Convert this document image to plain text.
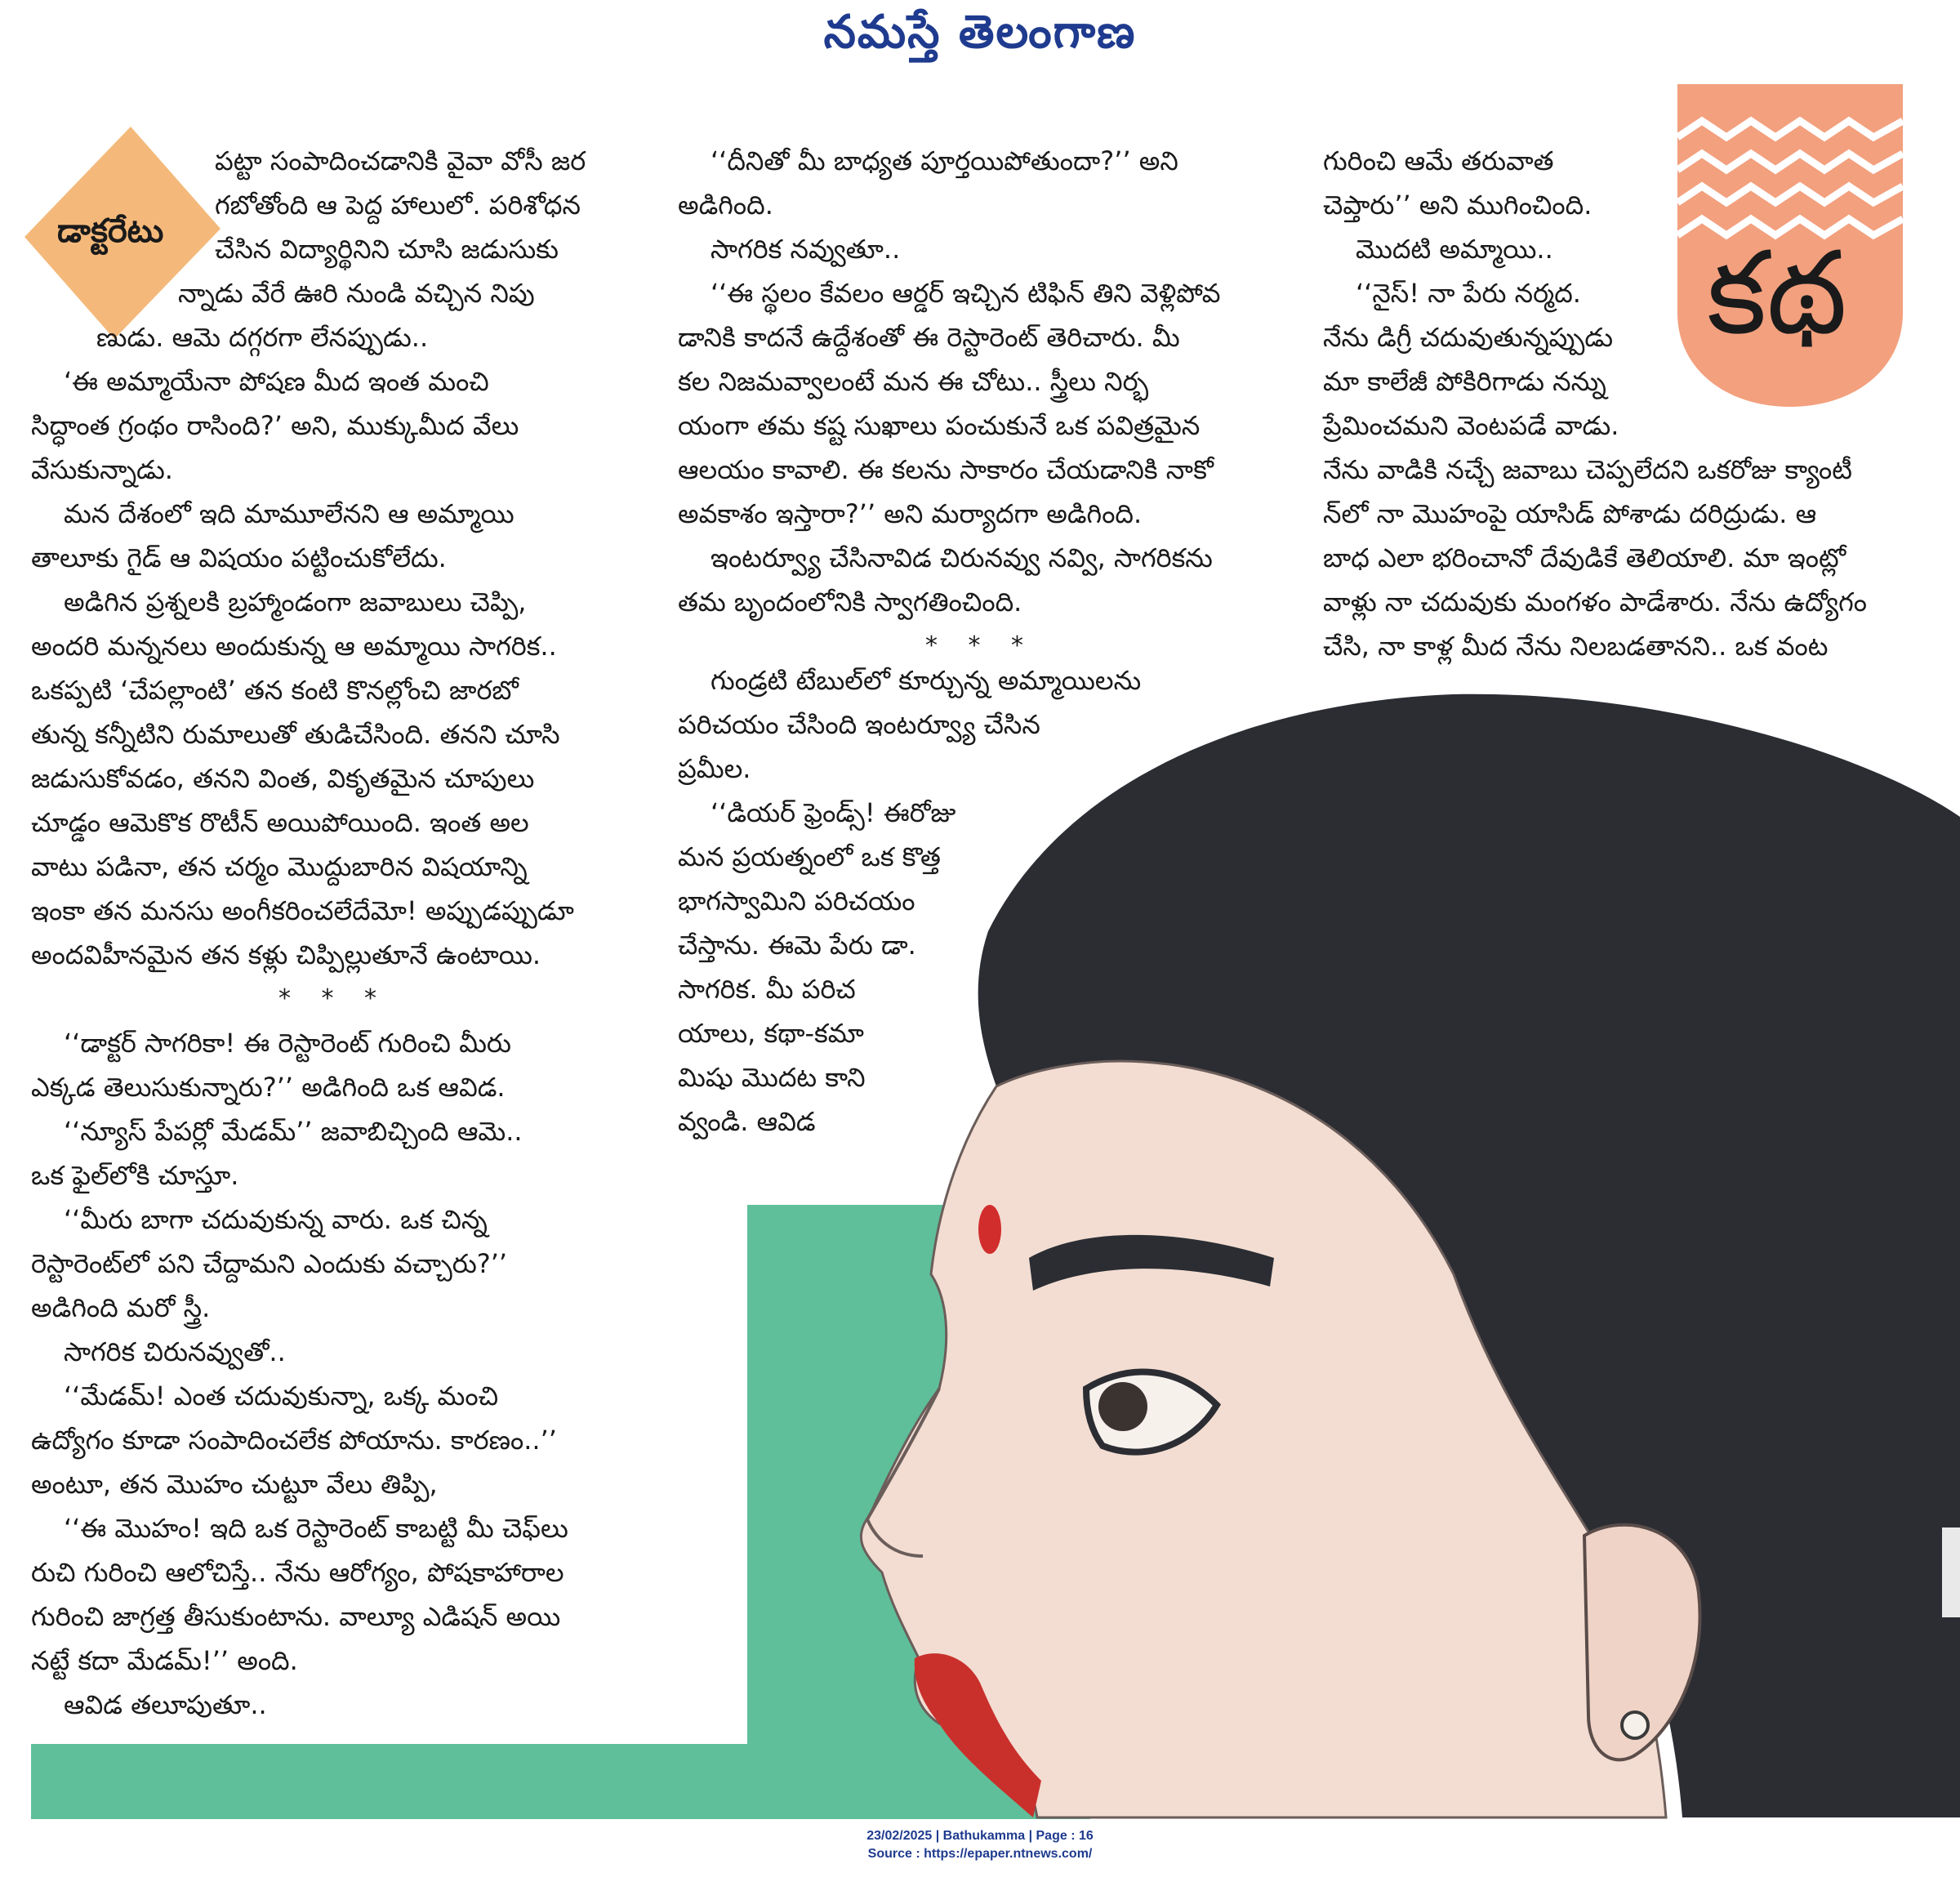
నమస్తే తెలంగాణ
డాక్టరేటు	కథ

పట్టా సంపాదించడానికి వైవా వోసీ జర

గబోతోంది ఆ పెద్ద హాలులో. పరిశోధన

చేసిన విద్యార్థినిని చూసి జడుసుకు

న్నాడు వేరే ఊరి నుండి వచ్చిన నిపు

ణుడు. ఆమె దగ్గరగా లేనప్పుడు..

‘ఈ అమ్మాయేనా పోషణ మీద ఇంత మంచి

సిద్ధాంత గ్రంథం రాసింది?’ అని, ముక్కుమీద వేలు

వేసుకున్నాడు.

మన దేశంలో ఇది మామూలేనని ఆ అమ్మాయి

తాలూకు గైడ్ ఆ విషయం పట్టించుకోలేదు.

అడిగిన ప్రశ్నలకి బ్రహ్మాండంగా జవాబులు చెప్పి,

అందరి మన్ననలు అందుకున్న ఆ అమ్మాయి సాగరిక..

ఒకప్పటి ‘చేపల్లాంటి’ తన కంటి కొనల్లోంచి జారబో

తున్న కన్నీటిని రుమాలుతో తుడిచేసింది. తనని చూసి

జడుసుకోవడం, తనని వింత, వికృతమైన చూపులు

చూడ్డం ఆమెకొక రొటీన్ అయిపోయింది. ఇంత అల

వాటు పడినా, తన చర్మం మొద్దుబారిన విషయాన్ని

ఇంకా తన మనసు అంగీకరించలేదేమో! అప్పుడప్పుడూ

అందవిహీనమైన తన కళ్లు చిప్పిల్లుతూనే ఉంటాయి.

* * *

‘‘డాక్టర్ సాగరికా! ఈ రెస్టారెంట్ గురించి మీరు

ఎక్కడ తెలుసుకున్నారు?’’ అడిగింది ఒక ఆవిడ.

‘‘న్యూస్ పేపర్లో మేడమ్’’ జవాబిచ్చింది ఆమె..

ఒక ఫైల్‌లోకి చూస్తూ.

‘‘మీరు బాగా చదువుకున్న వారు. ఒక చిన్న

రెస్టారెంట్‌లో పని చేద్దామని ఎందుకు వచ్చారు?’’

అడిగింది మరో స్త్రీ.

సాగరిక చిరునవ్వుతో..

‘‘మేడమ్! ఎంత చదువుకున్నా, ఒక్క మంచి

ఉద్యోగం కూడా సంపాదించలేక పోయాను. కారణం..’’

అంటూ, తన మొహం చుట్టూ వేలు తిప్పి,

‘‘ఈ మొహం! ఇది ఒక రెస్టారెంట్ కాబట్టి మీ చెఫ్‌లు

రుచి గురించి ఆలోచిస్తే.. నేను ఆరోగ్యం, పోషకాహారాల

గురించి జాగ్రత్త తీసుకుంటాను. వాల్యూ ఎడిషన్ అయి

నట్టే కదా మేడమ్!’’ అంది.

ఆవిడ తలూపుతూ..

‘‘దీనితో మీ బాధ్యత పూర్తయిపోతుందా?’’ అని

అడిగింది.

సాగరిక నవ్వుతూ..

‘‘ఈ స్థలం కేవలం ఆర్డర్ ఇచ్చిన టిఫిన్ తిని వెళ్లిపోవ

డానికి కాదనే ఉద్దేశంతో ఈ రెస్టారెంట్ తెరిచారు. మీ

కల నిజమవ్వాలంటే మన ఈ చోటు.. స్త్రీలు నిర్భ

యంగా తమ కష్ట సుఖాలు పంచుకునే ఒక పవిత్రమైన

ఆలయం కావాలి. ఈ కలను సాకారం చేయడానికి నాకో

అవకాశం ఇస్తారా?’’ అని మర్యాదగా అడిగింది.

ఇంటర్వ్యూ చేసినావిడ చిరునవ్వు నవ్వి, సాగరికను

తమ బృందంలోనికి స్వాగతించింది.

* * *

గుండ్రటి టేబుల్‌లో కూర్చున్న అమ్మాయిలను

పరిచయం చేసింది ఇంటర్వ్యూ చేసిన

ప్రమీల.

‘‘డియర్ ఫ్రెండ్స్! ఈరోజు

మన ప్రయత్నంలో ఒక కొత్త

భాగస్వామిని పరిచయం

చేస్తాను. ఈమె పేరు డా.

సాగరిక. మీ పరిచ

యాలు, కథా-కమా

మిషు మొదట కాని

వ్వండి. ఆవిడ

గురించి ఆమే తరువాత

చెప్తారు’’ అని ముగించింది.

మొదటి అమ్మాయి..

‘‘నైస్! నా పేరు నర్మద.

నేను డిగ్రీ చదువుతున్నప్పుడు

మా కాలేజీ పోకిరిగాడు నన్ను

ప్రేమించమని వెంటపడే వాడు.

నేను వాడికి నచ్చే జవాబు చెప్పలేదని ఒకరోజు క్యాంటీ

న్‌లో నా మొహంపై యాసిడ్ పోశాడు దరిద్రుడు. ఆ

బాధ ఎలా భరించానో దేవుడికే తెలియాలి. మా ఇంట్లో

వాళ్లు నా చదువుకు మంగళం పాడేశారు. నేను ఉద్యోగం

చేసి, నా కాళ్ల మీద నేను నిలబడతానని.. ఒక వంట

23/02/2025 | Bathukamma | Page : 16
Source : https://epaper.ntnews.com/
